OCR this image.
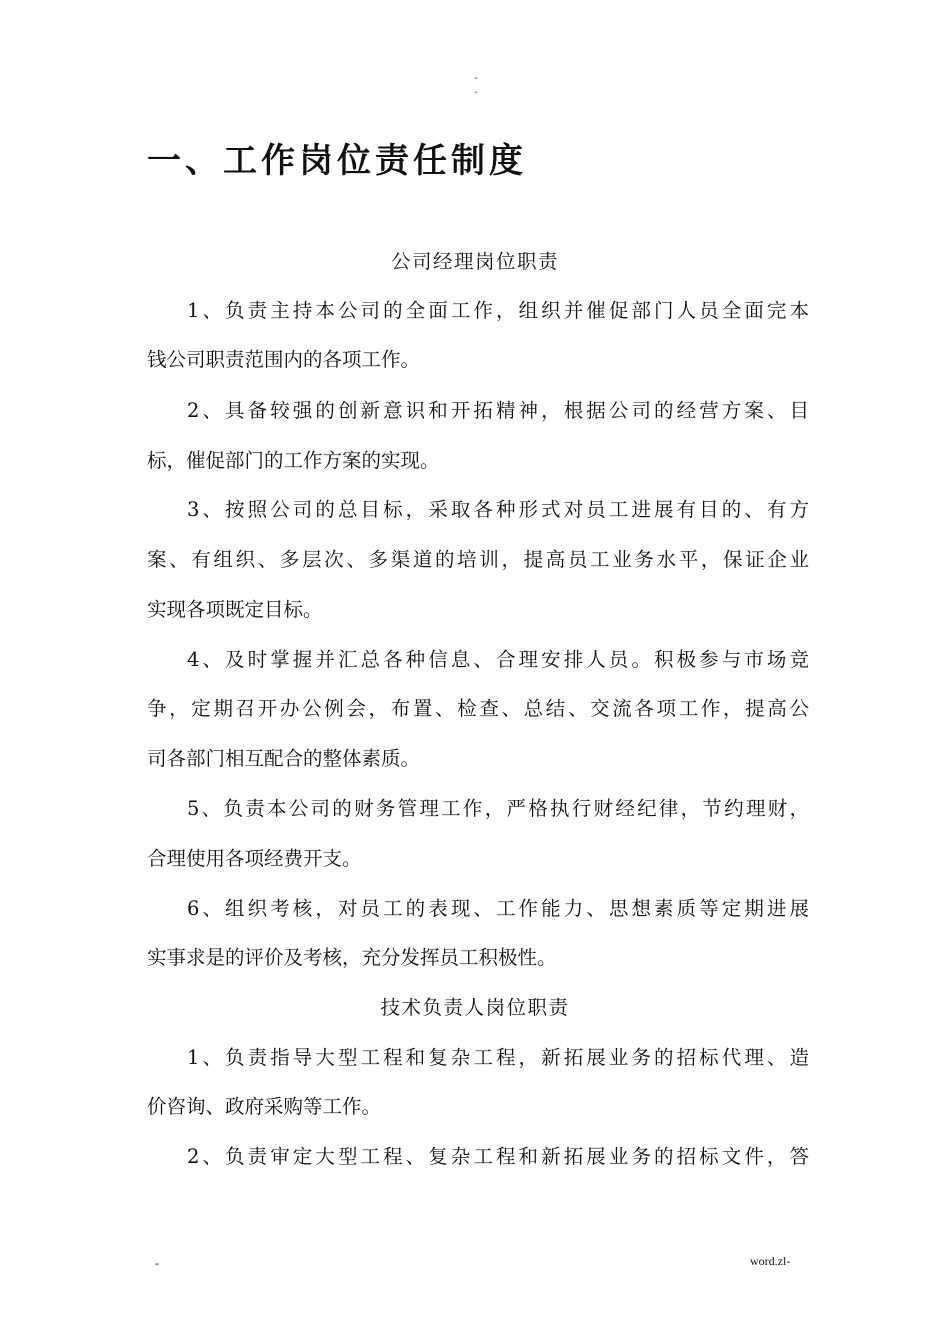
-
-
一、工作岗位责任制度
公司经理岗位职责
1、负责主持本公司的全面工作，组织并催促部门人员全面完本
钱公司职责范围内的各项工作。
2、具备较强的创新意识和开拓精神，根据公司的经营方案、目
标，催促部门的工作方案的实现。
3、按照公司的总目标，采取各种形式对员工进展有目的、有方
案、有组织、多层次、多渠道的培训，提高员工业务水平，保证企业
实现各项既定目标。
4、及时掌握并汇总各种信息、合理安排人员。积极参与市场竞
争，定期召开办公例会，布置、检查、总结、交流各项工作，提高公
司各部门相互配合的整体素质。
5、负责本公司的财务管理工作，严格执行财经纪律，节约理财，
合理使用各项经费开支。
6、组织考核，对员工的表现、工作能力、思想素质等定期进展
实事求是的评价及考核，充分发挥员工积极性。
技术负责人岗位职责
1、负责指导大型工程和复杂工程，新拓展业务的招标代理、造
价咨询、政府采购等工作。
2、负责审定大型工程、复杂工程和新拓展业务的招标文件，答
-	word.zl-
